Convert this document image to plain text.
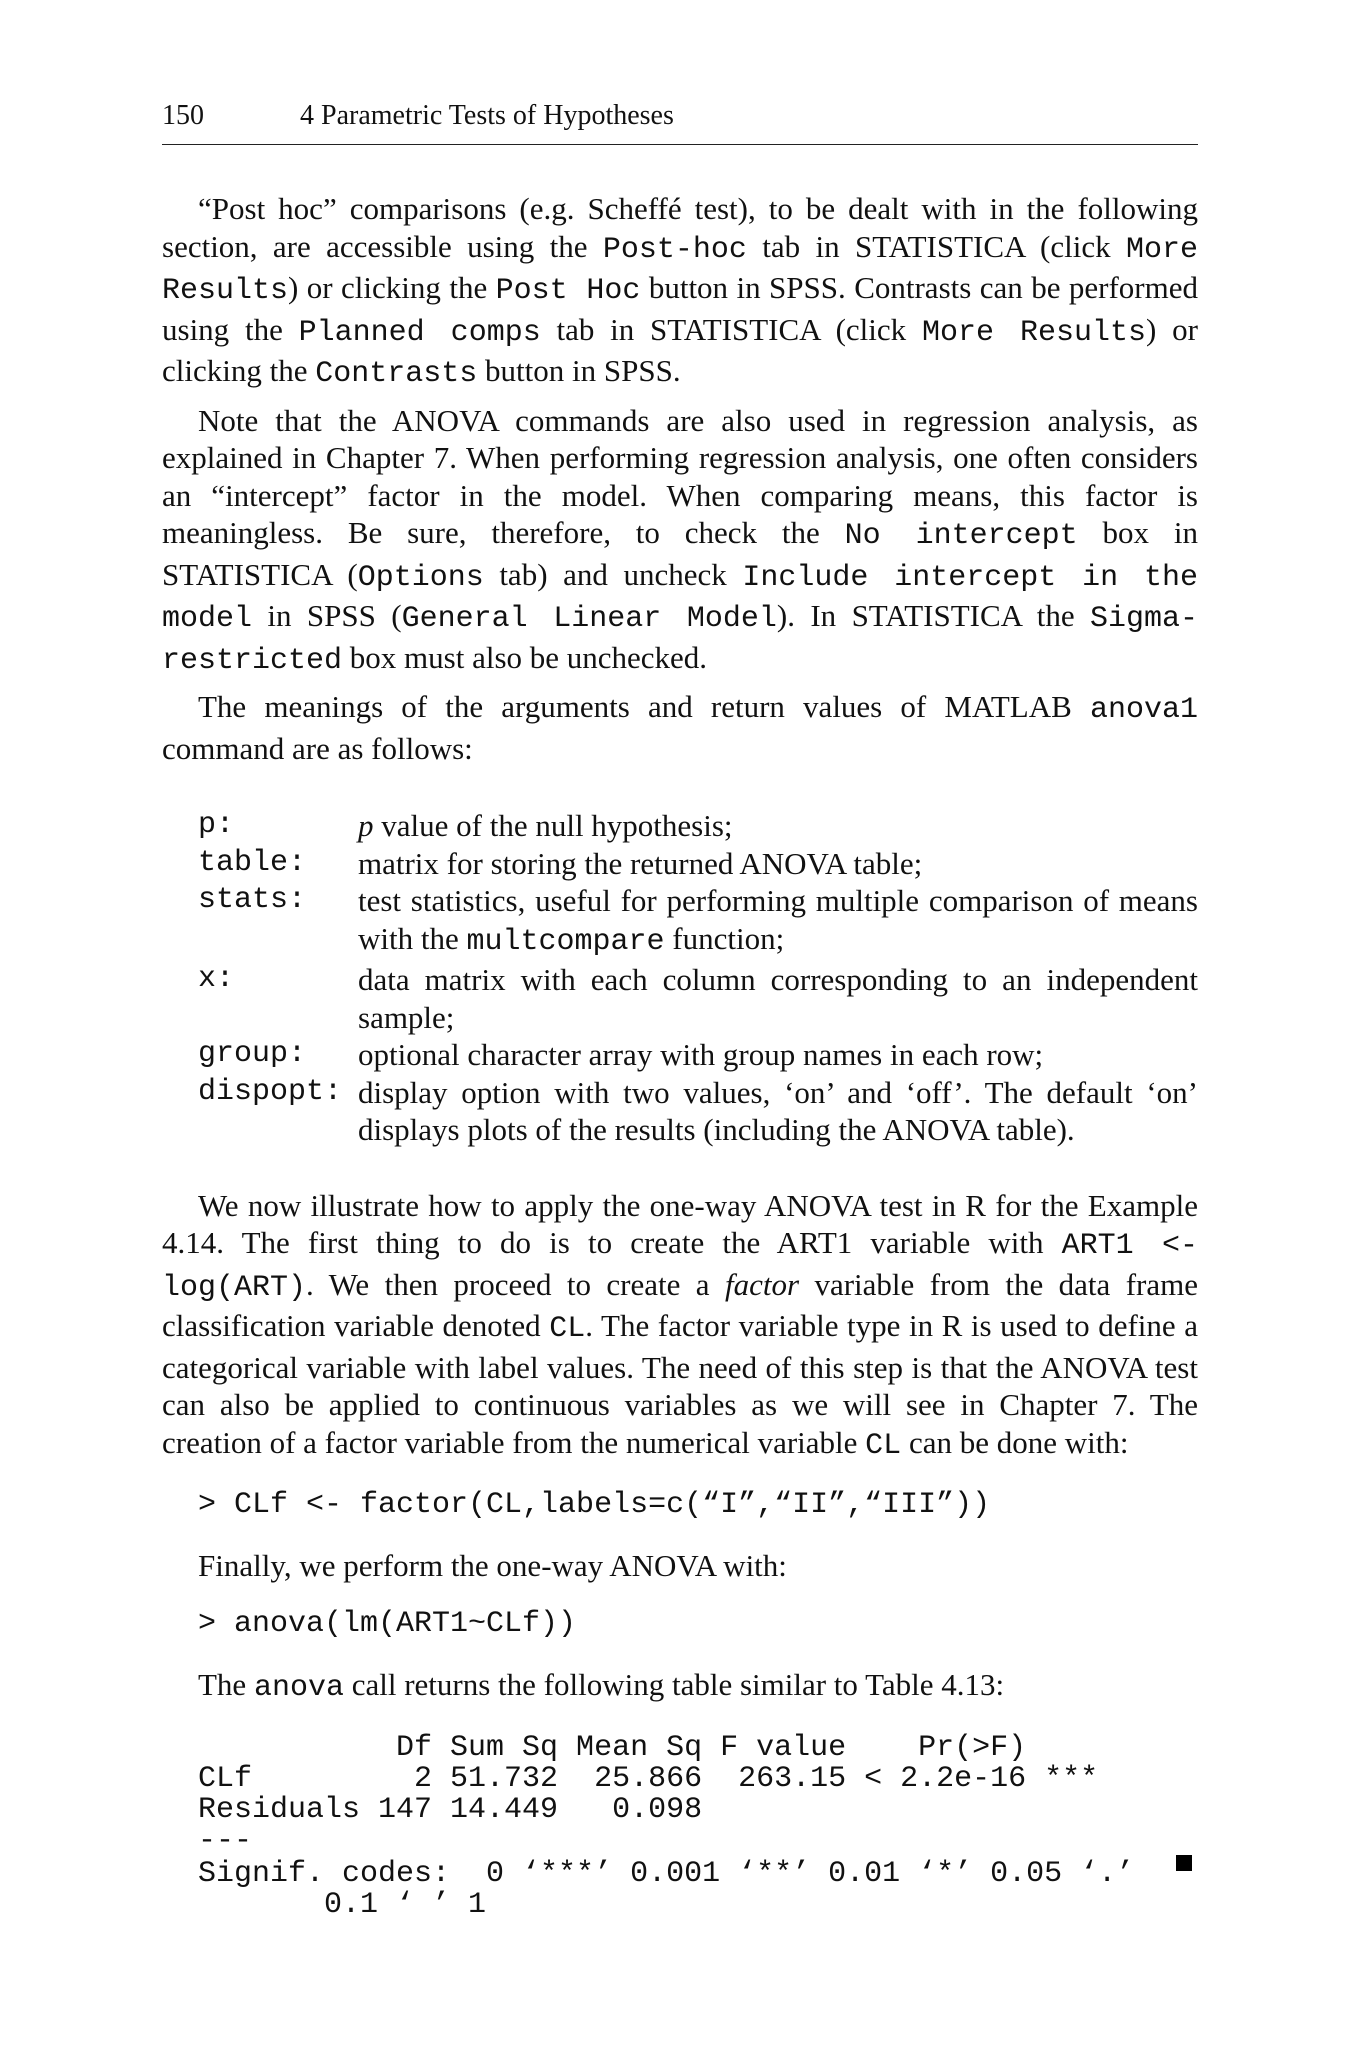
150	4 Parametric Tests of Hypotheses

“Post hoc” comparisons (e.g. Scheffé test), to be dealt with in the following section, are accessible using the Post-hoc tab in STATISTICA (click More Results) or clicking the Post Hoc button in SPSS. Contrasts can be performed using the Planned comps tab in STATISTICA (click More Results) or clicking the Contrasts button in SPSS.

Note that the ANOVA commands are also used in regression analysis, as explained in Chapter 7. When performing regression analysis, one often considers an “intercept” factor in the model. When comparing means, this factor is meaningless. Be sure, therefore, to check the No intercept box in STATISTICA (Options tab) and uncheck Include intercept in the model in SPSS (General Linear Model). In STATISTICA the Sigma-restricted box must also be unchecked.

The meanings of the arguments and return values of MATLAB anova1 command are as follows:

p:	p value of the null hypothesis;
table:	matrix for storing the returned ANOVA table;
stats:	test statistics, useful for performing multiple comparison of means with the multcompare function;
x:	data matrix with each column corresponding to an independent sample;
group:	optional character array with group names in each row;
dispopt: display option with two values, ‘on’ and ‘off’. The default ‘on’ displays plots of the results (including the ANOVA table).

We now illustrate how to apply the one-way ANOVA test in R for the Example 4.14. The first thing to do is to create the ART1 variable with ART1 <- log(ART). We then proceed to create a factor variable from the data frame classification variable denoted CL. The factor variable type in R is used to define a categorical variable with label values. The need of this step is that the ANOVA test can also be applied to continuous variables as we will see in Chapter 7. The creation of a factor variable from the numerical variable CL can be done with:

> CLf <- factor(CL,labels=c(“I”,“II”,“III”))

Finally, we perform the one-way ANOVA with:

> anova(lm(ART1~CLf))

The anova call returns the following table similar to Table 4.13:

Df Sum Sq Mean Sq F value    Pr(>F)
CLf         2 51.732  25.866  263.15 < 2.2e-16 ***
Residuals 147 14.449   0.098
---
Signif. codes:  0 ‘***’ 0.001 ‘**’ 0.01 ‘*’ 0.05 ‘.’
0.1 ‘ ’ 1
